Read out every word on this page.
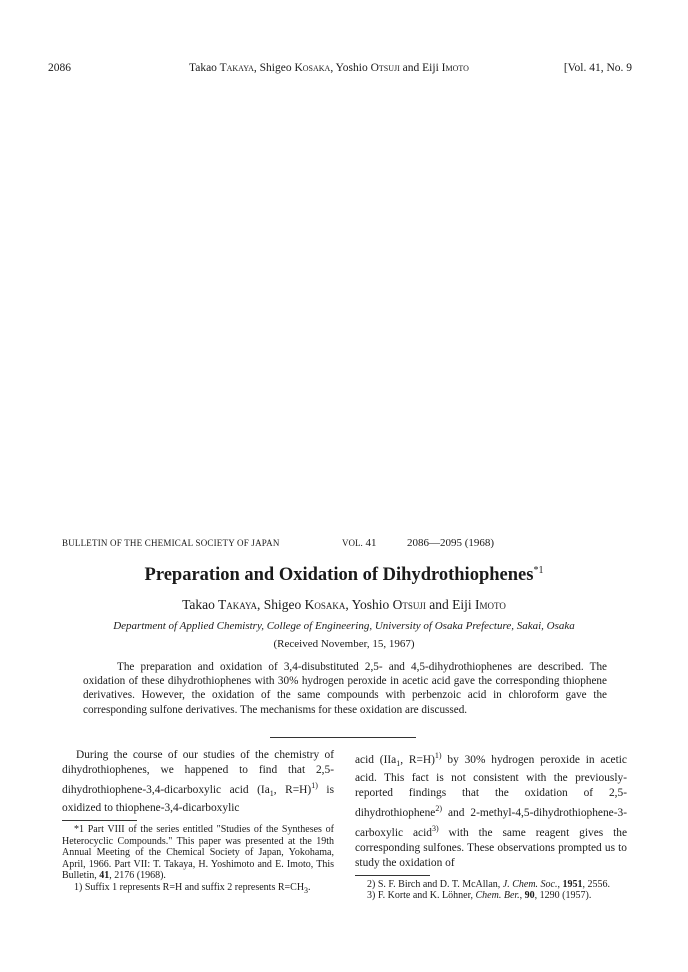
2086	Takao Takaya, Shigeo Kosaka, Yoshio Otsuji and Eiji Imoto	[Vol. 41, No. 9
BULLETIN OF THE CHEMICAL SOCIETY OF JAPAN	VOL. 41	2086—2095 (1968)
Preparation and Oxidation of Dihydrothiophenes$^{*1}$
Takao Takaya, Shigeo Kosaka, Yoshio Otsuji and Eiji Imoto
Department of Applied Chemistry, College of Engineering, University of Osaka Prefecture, Sakai, Osaka
(Received November, 15, 1967)

The preparation and oxidation of 3,4-disubstituted 2,5- and 4,5-dihydrothiophenes are described. The oxidation of these dihydrothiophenes with 30% hydrogen peroxide in acetic acid gave the corresponding thiophene derivatives. However, the oxidation of the same compounds with perbenzoic acid in chloroform gave the corresponding sulfone derivatives. The mechanisms for these oxidation are discussed.

During the course of our studies of the chemistry of dihydrothiophenes, we happened to find that 2,5-dihydrothiophene-3,4-dicarboxylic acid ($Ia_1$, R=H)$^{1)}$ is oxidized to thiophene-3,4-dicarboxylic

*1 Part VIII of the series entitled "Studies of the Syntheses of Heterocyclic Compounds." This paper was presented at the 19th Annual Meeting of the Chemical Society of Japan, Yokohama, April, 1966. Part VII: T. Takaya, H. Yoshimoto and E. Imoto, This Bulletin, 41, 2176 (1968).

1) Suffix 1 represents R=H and suffix 2 represents $R=CH_3$.

acid (IIa$_1$, R=H)$^{1)}$ by 30% hydrogen peroxide in acetic acid. This fact is not consistent with the previously-reported findings that the oxidation of 2,5-dihydrothiophene$^{2)}$ and 2-methyl-4,5-dihydrothiophene-3-carboxylic acid$^{3)}$ with the same reagent gives the corresponding sulfones. These observations prompted us to study the oxidation of

2) S. F. Birch and D. T. McAllan, J. Chem. Soc., 1951, 2556.

3) F. Korte and K. Löhner, Chem. Ber., 90, 1290 (1957).
